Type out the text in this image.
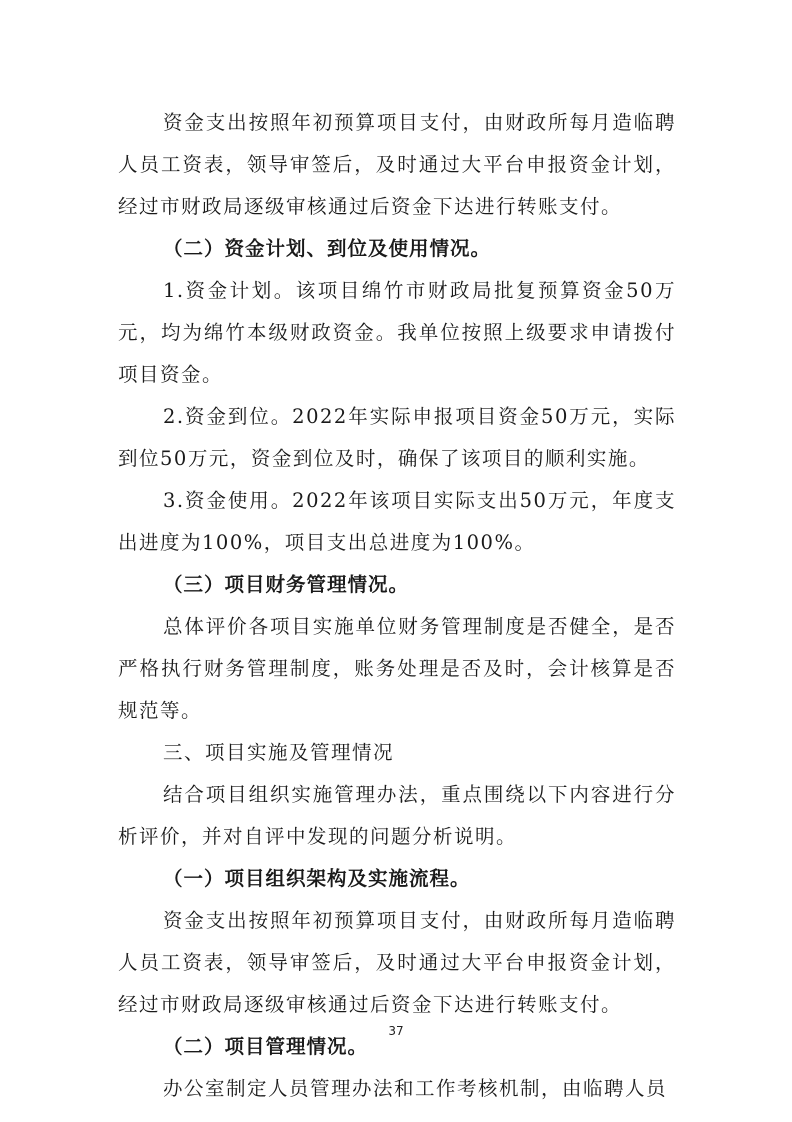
资金支出按照年初预算项目支付，由财政所每月造临聘人员工资表，领导审签后，及时通过大平台申报资金计划，经过市财政局逐级审核通过后资金下达进行转账支付。

（二）资金计划、到位及使用情况。

1.资金计划。该项目绵竹市财政局批复预算资金50万元，均为绵竹本级财政资金。我单位按照上级要求申请拨付项目资金。

2.资金到位。2022年实际申报项目资金50万元，实际到位50万元，资金到位及时，确保了该项目的顺利实施。

3.资金使用。2022年该项目实际支出50万元，年度支出进度为100%，项目支出总进度为100%。

（三）项目财务管理情况。

总体评价各项目实施单位财务管理制度是否健全，是否严格执行财务管理制度，账务处理是否及时，会计核算是否规范等。

三、项目实施及管理情况

结合项目组织实施管理办法，重点围绕以下内容进行分析评价，并对自评中发现的问题分析说明。

（一）项目组织架构及实施流程。

资金支出按照年初预算项目支付，由财政所每月造临聘人员工资表，领导审签后，及时通过大平台申报资金计划，经过市财政局逐级审核通过后资金下达进行转账支付。

（二）项目管理情况。

办公室制定人员管理办法和工作考核机制，由临聘人员

37
